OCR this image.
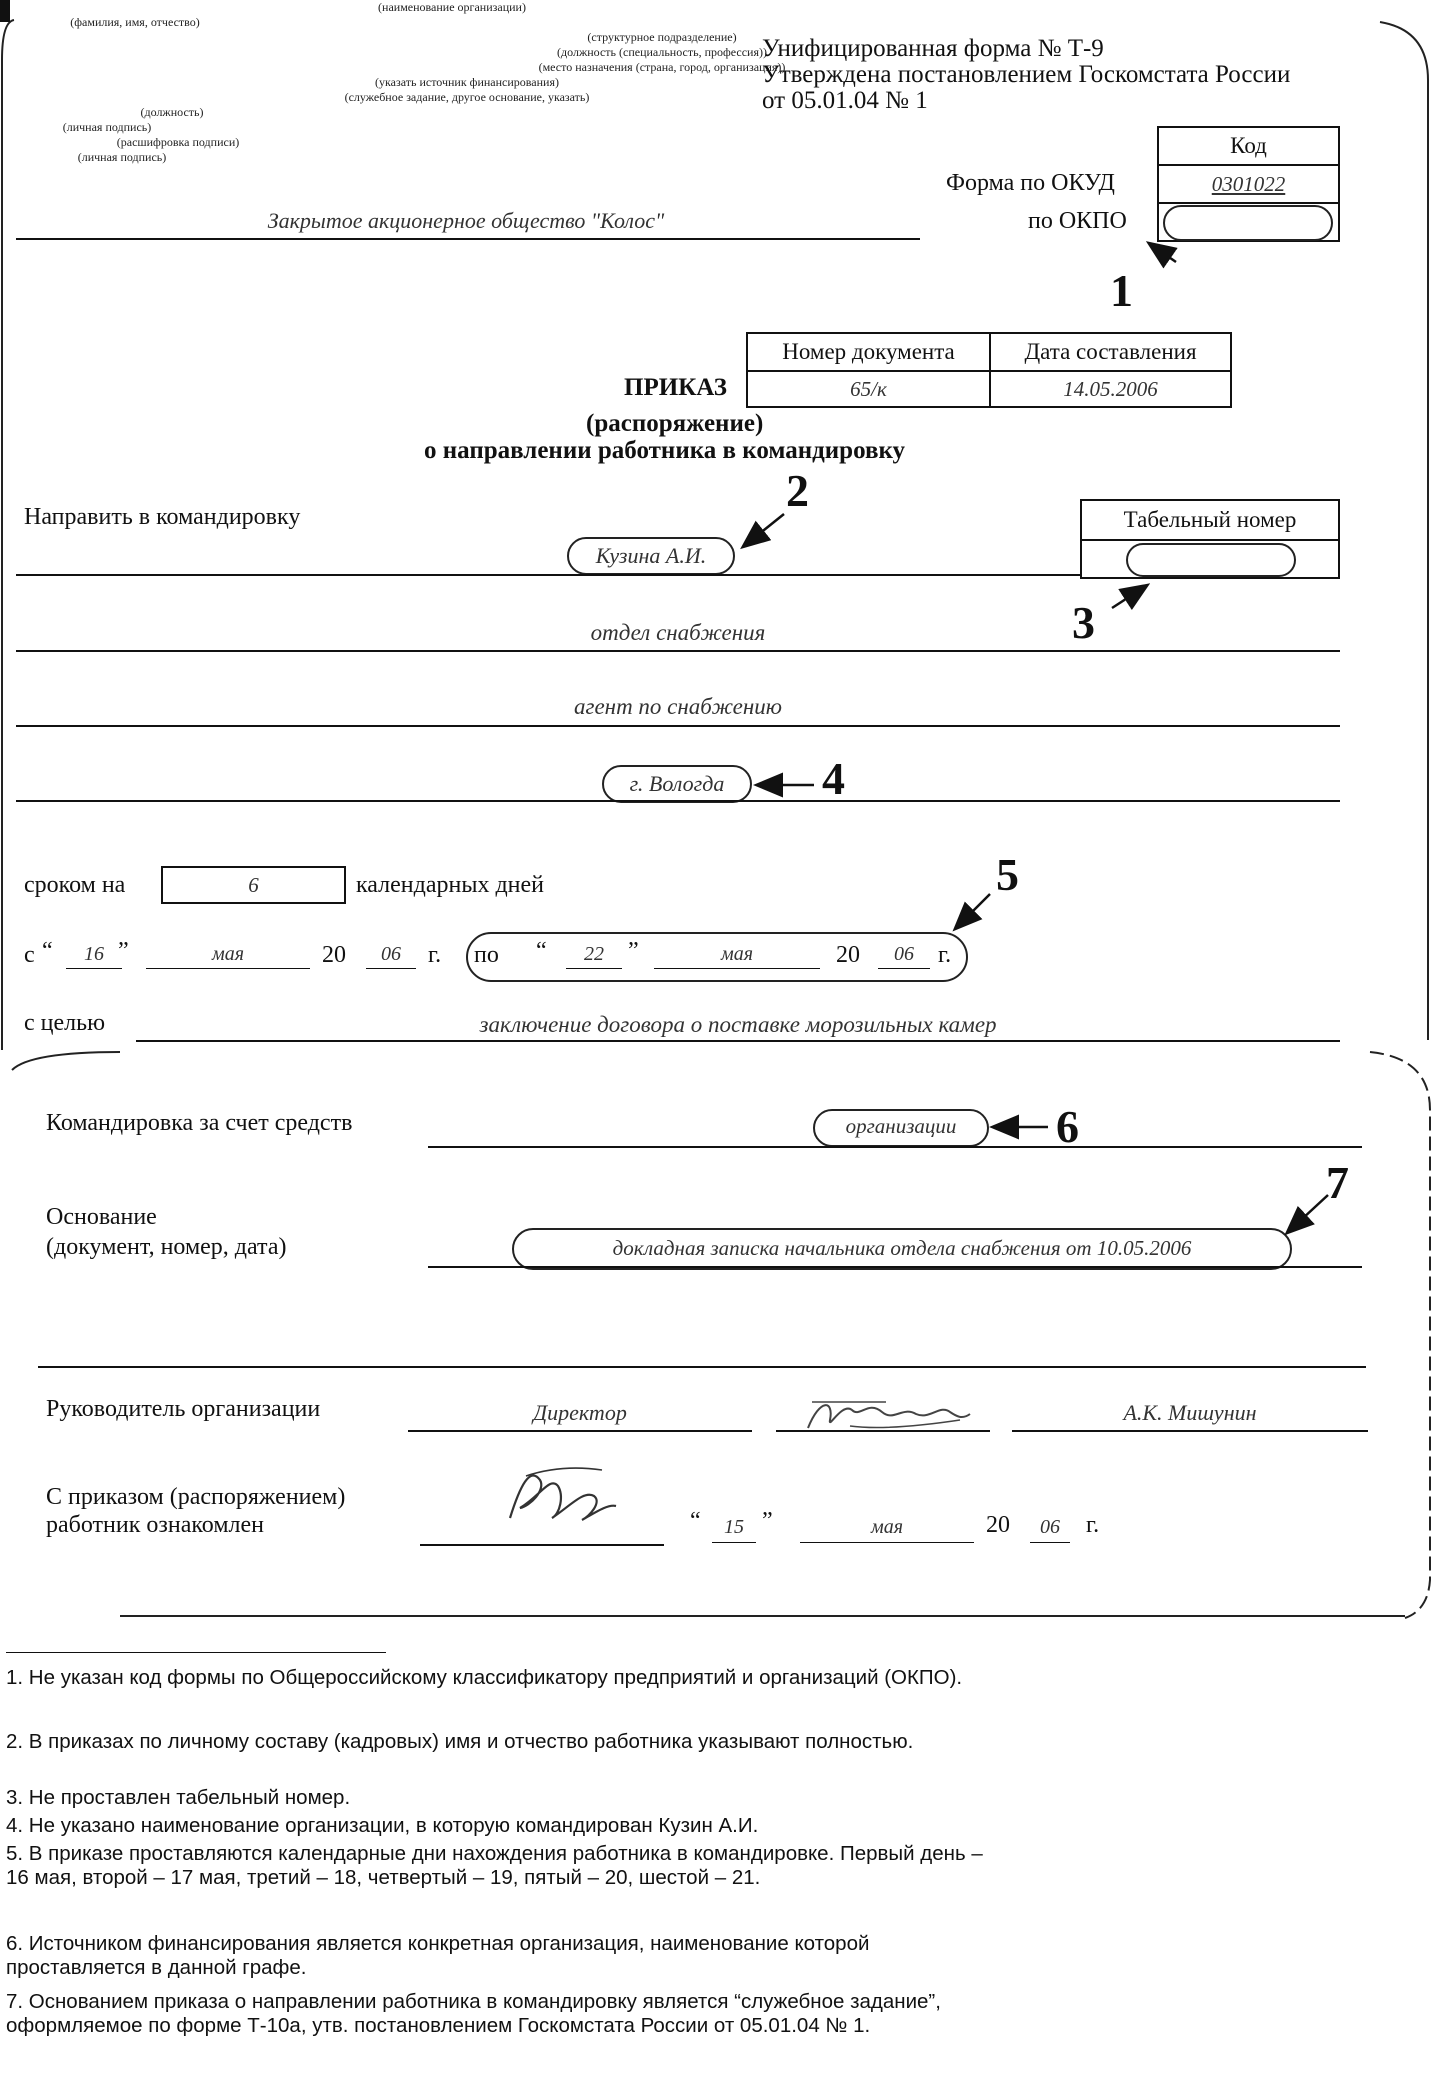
Унифицированная форма № Т-9
Утверждена постановлением Госкомстата России
от 05.01.04 № 1
Код
0301022
Форма по ОКУД
по ОКПО
Закрытое акционерное общество "Колос"
(наименование организации)
Номер документа	Дата составления
65/к	14.05.2006
ПРИКАЗ
(распоряжение)
о направлении работника в командировку
Направить в командировку	Табельный номер
Кузина А.И.
(фамилия, имя, отчество)
отдел снабжения
(структурное подразделение)
агент по снабжению
(должность (специальность, профессия))
г. Вологда
(место назначения (страна, город, организация))
сроком на	6	календарных дней
с “	16 ”	мая	20	06	г. по “	22	”	мая	20	06	г.
с целью	заключение договора о поставке морозильных камер
Командировка за счет средств	организации
(указать источник финансирования)
Основание
(документ, номер, дата)	докладная записка начальника отдела снабжения от 10.05.2006
(служебное задание, другое основание, указать)
Руководитель организации	Директор
(должность)
(личная подпись)
А.К. Мишунин
(расшифровка подписи)
С приказом (распоряжением)
работник ознакомлен
(личная подпись)
“	15 ”	мая	20	06	г.
1
2
3
4
5
6
7
1. Не указан код формы по Общероссийскому классификатору предприятий и организаций (ОКПО).
2. В приказах по личному составу (кадровых) имя и отчество работника указывают полностью.
3. Не проставлен табельный номер.
4. Не указано наименование организации, в которую командирован Кузин А.И.
5. В приказе проставляются календарные дни нахождения работника в командировке. Первый день – 16 мая, второй – 17 мая, третий – 18, четвертый – 19, пятый – 20, шестой – 21.
6. Источником финансирования является конкретная организация, наименование которой проставляется в данной графе.
7. Основанием приказа о направлении работника в командировку является “служебное задание”, оформляемое по форме Т-10а, утв. постановлением Госкомстата России от 05.01.04 № 1.
